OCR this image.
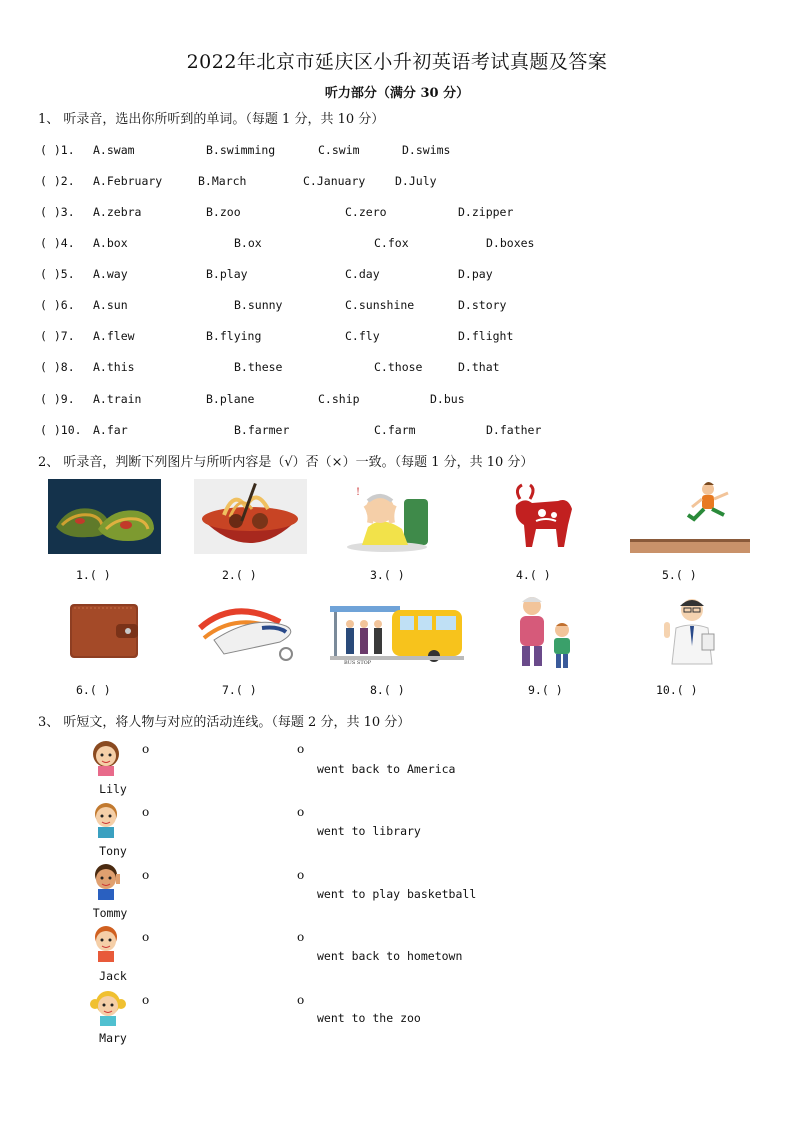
2022年北京市延庆区小升初英语考试真题及答案
听力部分（满分 30 分）
1、 听录音，选出你所听到的单词。（每题 1 分，共 10 分）
( )1. A.swam	B.swimming	C.swim	D.swims
( )2. A.February	B.March	C.January	D.July
( )3. A.zebra	B.zoo	C.zero	D.zipper
( )4. A.box	B.ox	C.fox	D.boxes
( )5. A.way	B.play	C.day	D.pay
( )6. A.sun	B.sunny	C.sunshine	D.story
( )7. A.flew	B.flying	C.fly	D.flight
( )8. A.this	B.these	C.those	D.that
( )9. A.train	B.plane	C.ship	D.bus
( )10. A.far	B.farmer	C.farm	D.father
2、 听录音，判断下列图片与所听内容是（√）否（×）一致。（每题 1 分，共 10 分）
!
1.( )	2.( )	3.( )	4.( )	5.( )
BUS STOP
6.( )	7.( )	8.( )	9.( )	10.( )
3、 听短文，将人物与对应的活动连线。（每题 2 分，共 10 分）
Lily
Tony
Tommy
Jack
Mary
o
o
o
o
o
o
o
o
o
o
went back to America
went to library
went to play basketball
went back to hometown
went to the zoo
